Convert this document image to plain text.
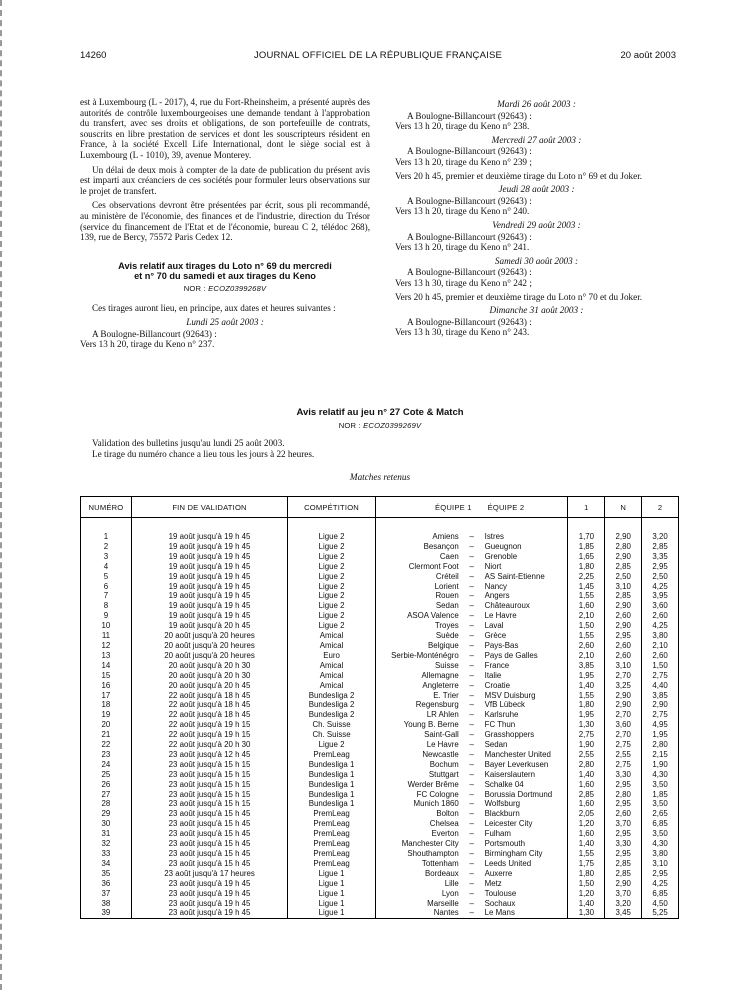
14260	JOURNAL OFFICIEL DE LA RÉPUBLIQUE FRANÇAISE	20 août 2003

est à Luxembourg (L - 2017), 4, rue du Fort-Rheinsheim, a présenté auprès des autorités de contrôle luxembourgeoises une demande tendant à l'approbation du transfert, avec ses droits et obligations, de son portefeuille de contrats, souscrits en libre prestation de services et dont les souscripteurs résident en France, à la société Excell Life International, dont le siège social est à Luxembourg (L - 1010), 39, avenue Monterey.

Un délai de deux mois à compter de la date de publication du présent avis est imparti aux créanciers de ces sociétés pour formuler leurs observations sur le projet de transfert.

Ces observations devront être présentées par écrit, sous pli recommandé, au ministère de l'économie, des finances et de l'industrie, direction du Trésor (service du financement de l'Etat et de l'économie, bureau C 2, télédoc 268), 139, rue de Bercy, 75572 Paris Cedex 12.

Avis relatif aux tirages du Loto n° 69 du mercredi

et n° 70 du samedi et aux tirages du Keno

NOR : ECOZ0399268V

Ces tirages auront lieu, en principe, aux dates et heures suivantes :

Lundi 25 août 2003 :

A Boulogne-Billancourt (92643) :

Vers 13 h 20, tirage du Keno n° 237.

Mardi 26 août 2003 :

A Boulogne-Billancourt (92643) :

Vers 13 h 20, tirage du Keno n° 238.

Mercredi 27 août 2003 :

A Boulogne-Billancourt (92643) :

Vers 13 h 20, tirage du Keno n° 239 ;

Vers 20 h 45, premier et deuxième tirage du Loto n° 69 et du Joker.

Jeudi 28 août 2003 :

A Boulogne-Billancourt (92643) :

Vers 13 h 20, tirage du Keno n° 240.

Vendredi 29 août 2003 :

A Boulogne-Billancourt (92643) :

Vers 13 h 20, tirage du Keno n° 241.

Samedi 30 août 2003 :

A Boulogne-Billancourt (92643) :

Vers 13 h 30, tirage du Keno n° 242 ;

Vers 20 h 45, premier et deuxième tirage du Loto n° 70 et du Joker.

Dimanche 31 août 2003 :

A Boulogne-Billancourt (92643) :

Vers 13 h 30, tirage du Keno n° 243.

Avis relatif au jeu n° 27 Cote & Match

NOR : ECOZ0399269V

Validation des bulletins jusqu'au lundi 25 août 2003.

Le tirage du numéro chance a lieu tous les jours à 22 heures.

Matches retenus

NUMÉRO	FIN DE VALIDATION	COMPÉTITION	ÉQUIPE 1		ÉQUIPE 2	1	N	2

1	19 août jusqu'à 19 h 45	Ligue 2	Amiens	–	Istres	1,70	2,90	3,20
2	19 août jusqu'à 19 h 45	Ligue 2	Besançon	–	Gueugnon	1,85	2,80	2,85
3	19 août jusqu'à 19 h 45	Ligue 2	Caen	–	Grenoble	1,65	2,90	3,35
4	19 août jusqu'à 19 h 45	Ligue 2	Clermont Foot	–	Niort	1,80	2,85	2,95
5	19 août jusqu'à 19 h 45	Ligue 2	Créteil	–	AS Saint-Etienne	2,25	2,50	2,50
6	19 août jusqu'à 19 h 45	Ligue 2	Lorient	–	Nancy	1,45	3,10	4,25
7	19 août jusqu'à 19 h 45	Ligue 2	Rouen	–	Angers	1,55	2,85	3,95
8	19 août jusqu'à 19 h 45	Ligue 2	Sedan	–	Châteauroux	1,60	2,90	3,60
9	19 août jusqu'à 19 h 45	Ligue 2	ASOA Valence	–	Le Havre	2,10	2,60	2,60
10	19 août jusqu'à 20 h 45	Ligue 2	Troyes	–	Laval	1,50	2,90	4,25
11	20 août jusqu'à 20 heures	Amical	Suède	–	Grèce	1,55	2,95	3,80
12	20 août jusqu'à 20 heures	Amical	Belgique	–	Pays-Bas	2,60	2,60	2,10
13	20 août jusqu'à 20 heures	Euro	Serbie-Monténégro	–	Pays de Galles	2,10	2,60	2,60
14	20 août jusqu'à 20 h 30	Amical	Suisse	–	France	3,85	3,10	1,50
15	20 août jusqu'à 20 h 30	Amical	Allemagne	–	Italie	1,95	2,70	2,75
16	20 août jusqu'à 20 h 45	Amical	Angleterre	–	Croatie	1,40	3,25	4,40
17	22 août jusqu'à 18 h 45	Bundesliga 2	E. Trier	–	MSV Duisburg	1,55	2,90	3,85
18	22 août jusqu'à 18 h 45	Bundesliga 2	Regensburg	–	VfB Lübeck	1,80	2,90	2,90
19	22 août jusqu'à 18 h 45	Bundesliga 2	LR Ahlen	–	Karlsruhe	1,95	2,70	2,75
20	22 août jusqu'à 19 h 15	Ch. Suisse	Young B. Berne	–	FC Thun	1,30	3,60	4,95
21	22 août jusqu'à 19 h 15	Ch. Suisse	Saint-Gall	–	Grasshoppers	2,75	2,70	1,95
22	22 août jusqu'à 20 h 30	Ligue 2	Le Havre	–	Sedan	1,90	2,75	2,80
23	23 août jusqu'à 12 h 45	PremLeag	Newcastle	–	Manchester United	2,55	2,55	2,15
24	23 août jusqu'à 15 h 15	Bundesliga 1	Bochum	–	Bayer Leverkusen	2,80	2,75	1,90
25	23 août jusqu'à 15 h 15	Bundesliga 1	Stuttgart	–	Kaiserslautern	1,40	3,30	4,30
26	23 août jusqu'à 15 h 15	Bundesliga 1	Werder Brême	–	Schalke 04	1,60	2,95	3,50
27	23 août jusqu'à 15 h 15	Bundesliga 1	FC Cologne	–	Borussia Dortmund	2,85	2,80	1,85
28	23 août jusqu'à 15 h 15	Bundesliga 1	Munich 1860	–	Wolfsburg	1,60	2,95	3,50
29	23 août jusqu'à 15 h 45	PremLeag	Bolton	–	Blackburn	2,05	2,60	2,65
30	23 août jusqu'à 15 h 45	PremLeag	Chelsea	–	Leicester City	1,20	3,70	6,85
31	23 août jusqu'à 15 h 45	PremLeag	Everton	–	Fulham	1,60	2,95	3,50
32	23 août jusqu'à 15 h 45	PremLeag	Manchester City	–	Portsmouth	1,40	3,30	4,30
33	23 août jusqu'à 15 h 45	PremLeag	Shouthampton	–	Birmingham City	1,55	2,95	3,80
34	23 août jusqu'à 15 h 45	PremLeag	Tottenham	–	Leeds United	1,75	2,85	3,10
35	23 août jusqu'à 17 heures	Ligue 1	Bordeaux	–	Auxerre	1,80	2,85	2,95
36	23 août jusqu'à 19 h 45	Ligue 1	Lille	–	Metz	1,50	2,90	4,25
37	23 août jusqu'à 19 h 45	Ligue 1	Lyon	–	Toulouse	1,20	3,70	6,85
38	23 août jusqu'à 19 h 45	Ligue 1	Marseille	–	Sochaux	1,40	3,20	4,50
39	23 août jusqu'à 19 h 45	Ligue 1	Nantes	–	Le Mans	1,30	3,45	5,25
